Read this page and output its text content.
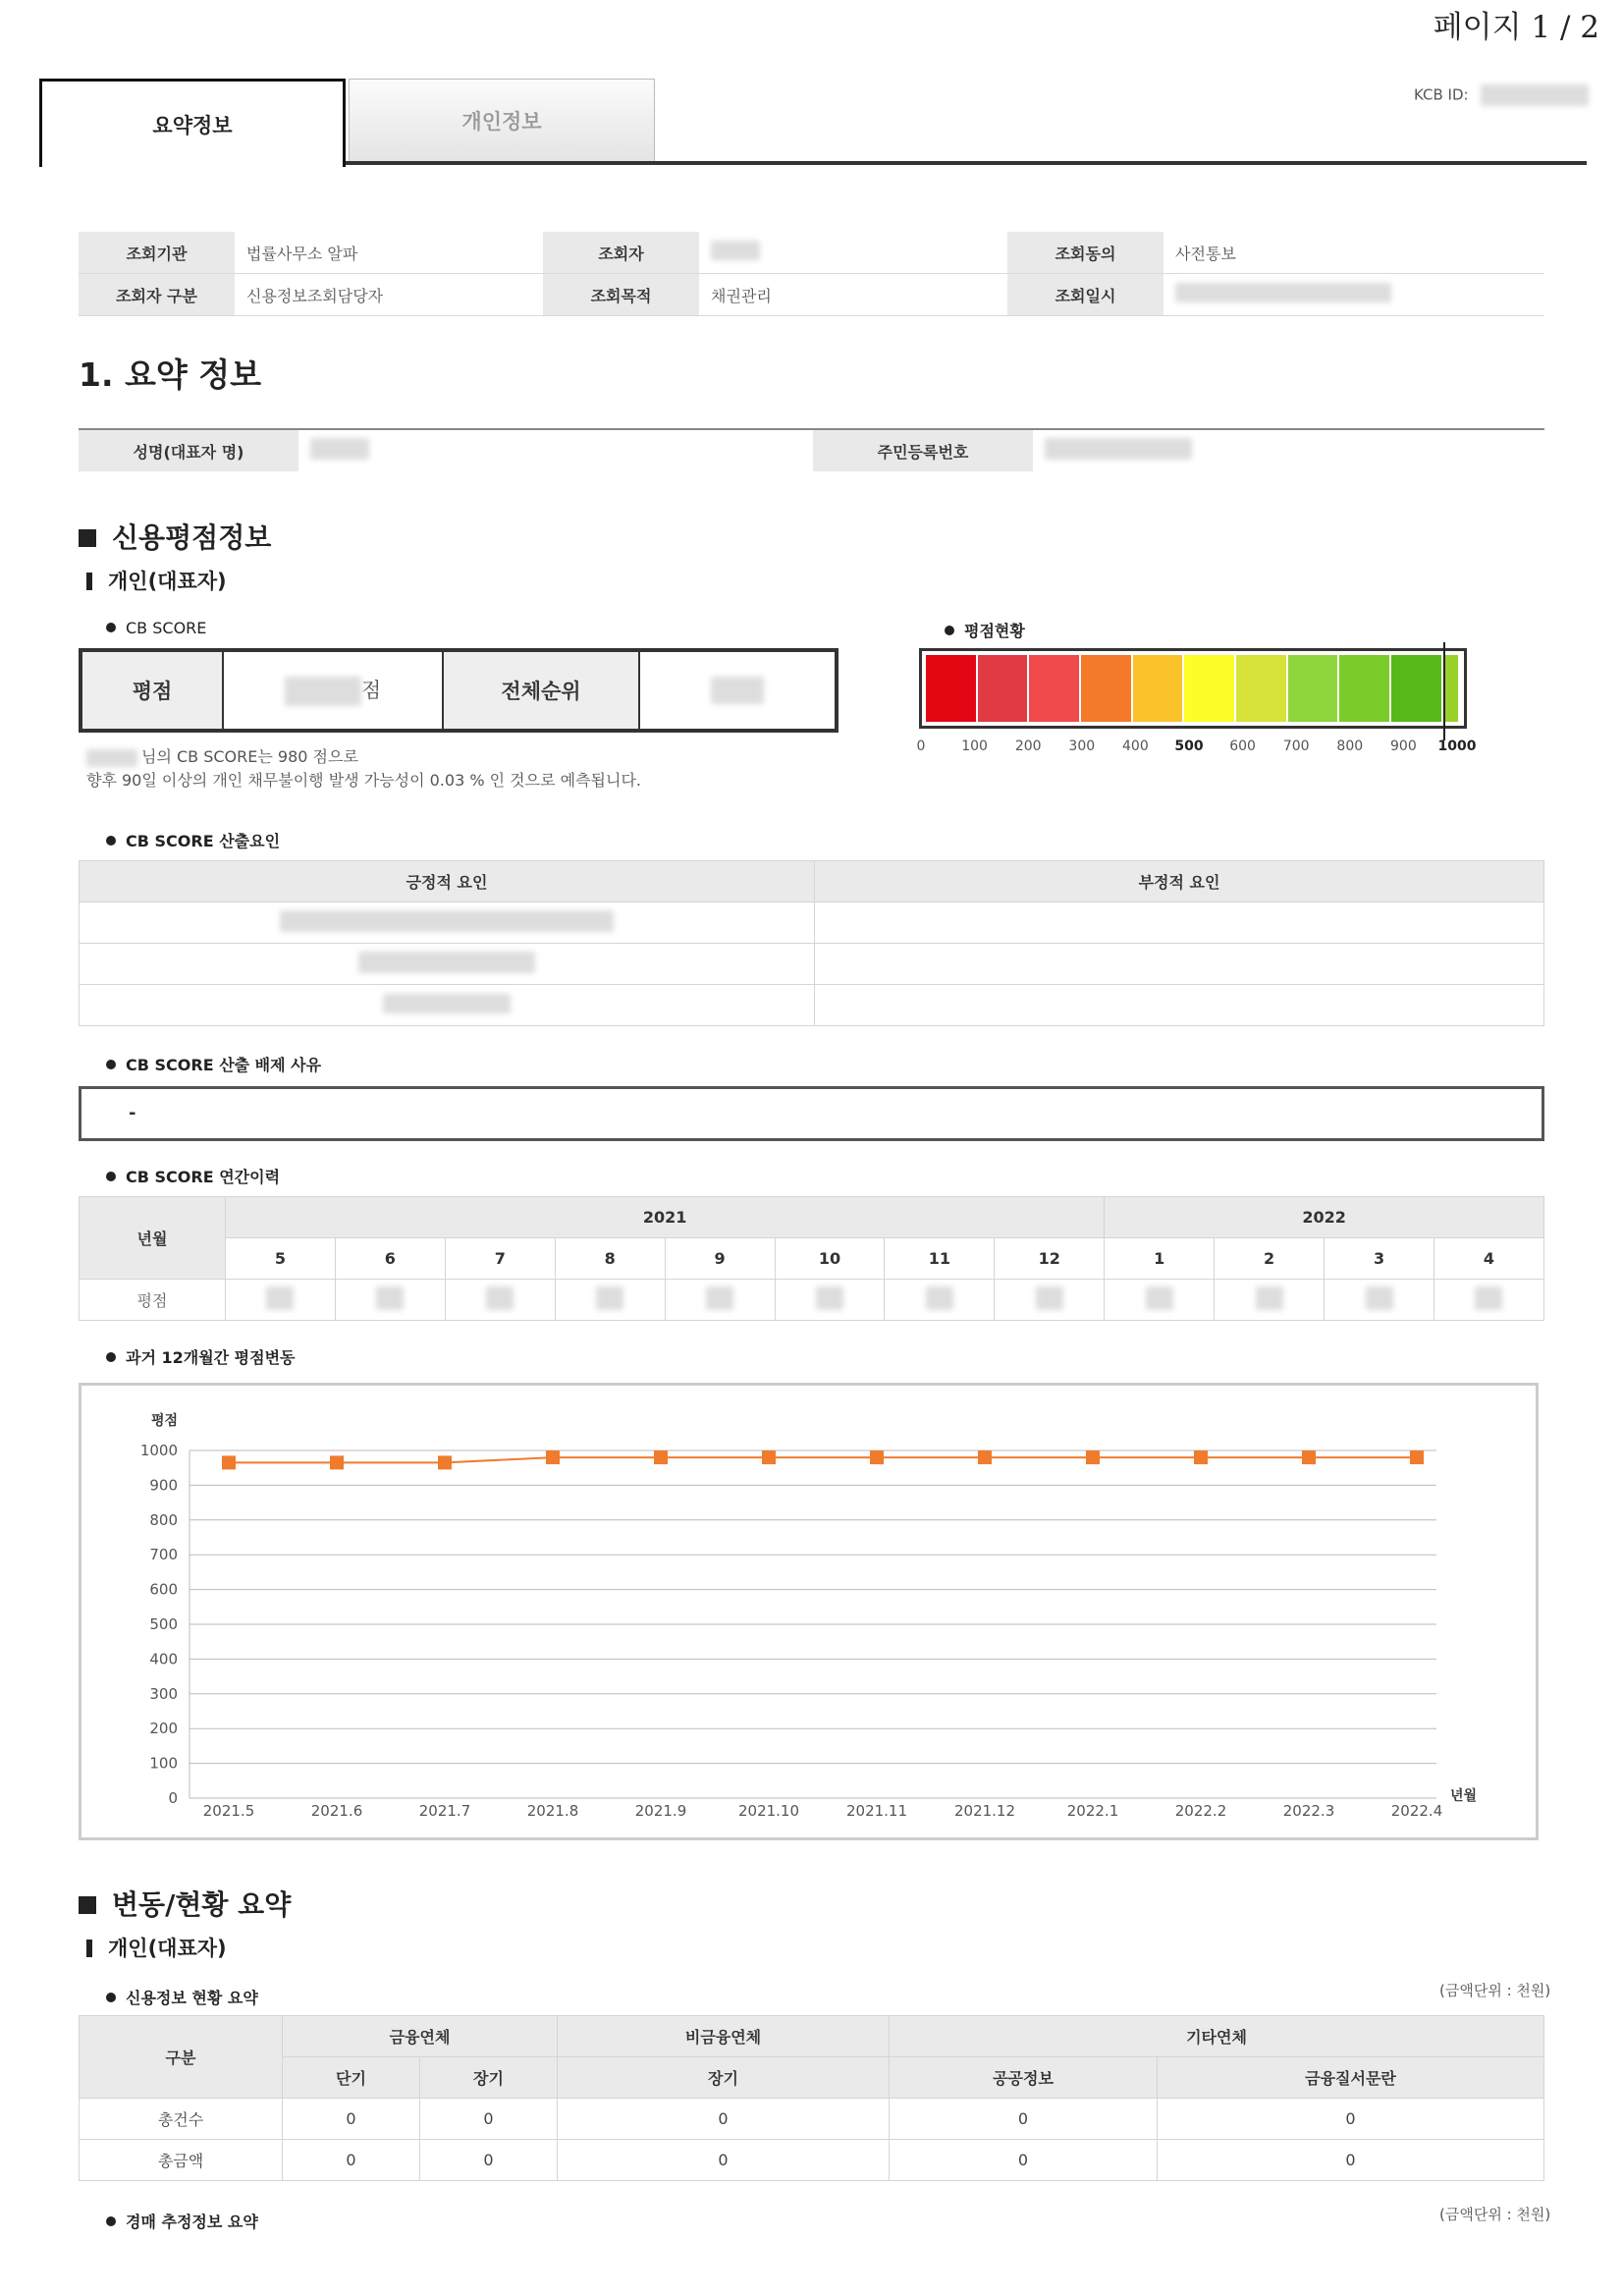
페이지 1 / 2
요약정보	개인정보
KCB ID:
조회기관	법률사무소 알파	조회자		조회동의	사전통보
조회자 구분	신용정보조회담당자	조회목적	채권관리	조회일시	
1. 요약 정보
성명(대표자 명)		주민등록번호	
신용평점정보
개인(대표자)
CB SCORE	평점현황
평점	점	전체순위	
0	100 200 300 400 500 600 700 800 900 1000
님의 CB SCORE는 980 점으로
향후 90일 이상의 개인 채무불이행 발생 가능성이 0.03 % 인 것으로 예측됩니다.
CB SCORE 산출요인
긍정적 요인	부정적 요인

CB SCORE 산출 배제 사유
-
CB SCORE 연간이력
년월	2021								2022			
	5	6	7	8	9	10	11	12	1	2	3	4
평점												
과거 12개월간 평점변동
0
100
200
300
400
500
600
700
800
900
1000
평점
년월
2021.5	2021.6	2021.7	2021.8	2021.9	2021.10	2021.11	2021.12	2022.1	2022.2	2022.3	2022.4
변동/현황 요약
개인(대표자)
신용정보 현황 요약	(금액단위 : 천원)
구분	금융연체		비금융연체	기타연체	
	단기	장기	장기	공공정보	금융질서문란
총건수	0	0	0	0	0
총금액	0	0	0	0	0
경매 추정정보 요약	(금액단위 : 천원)
